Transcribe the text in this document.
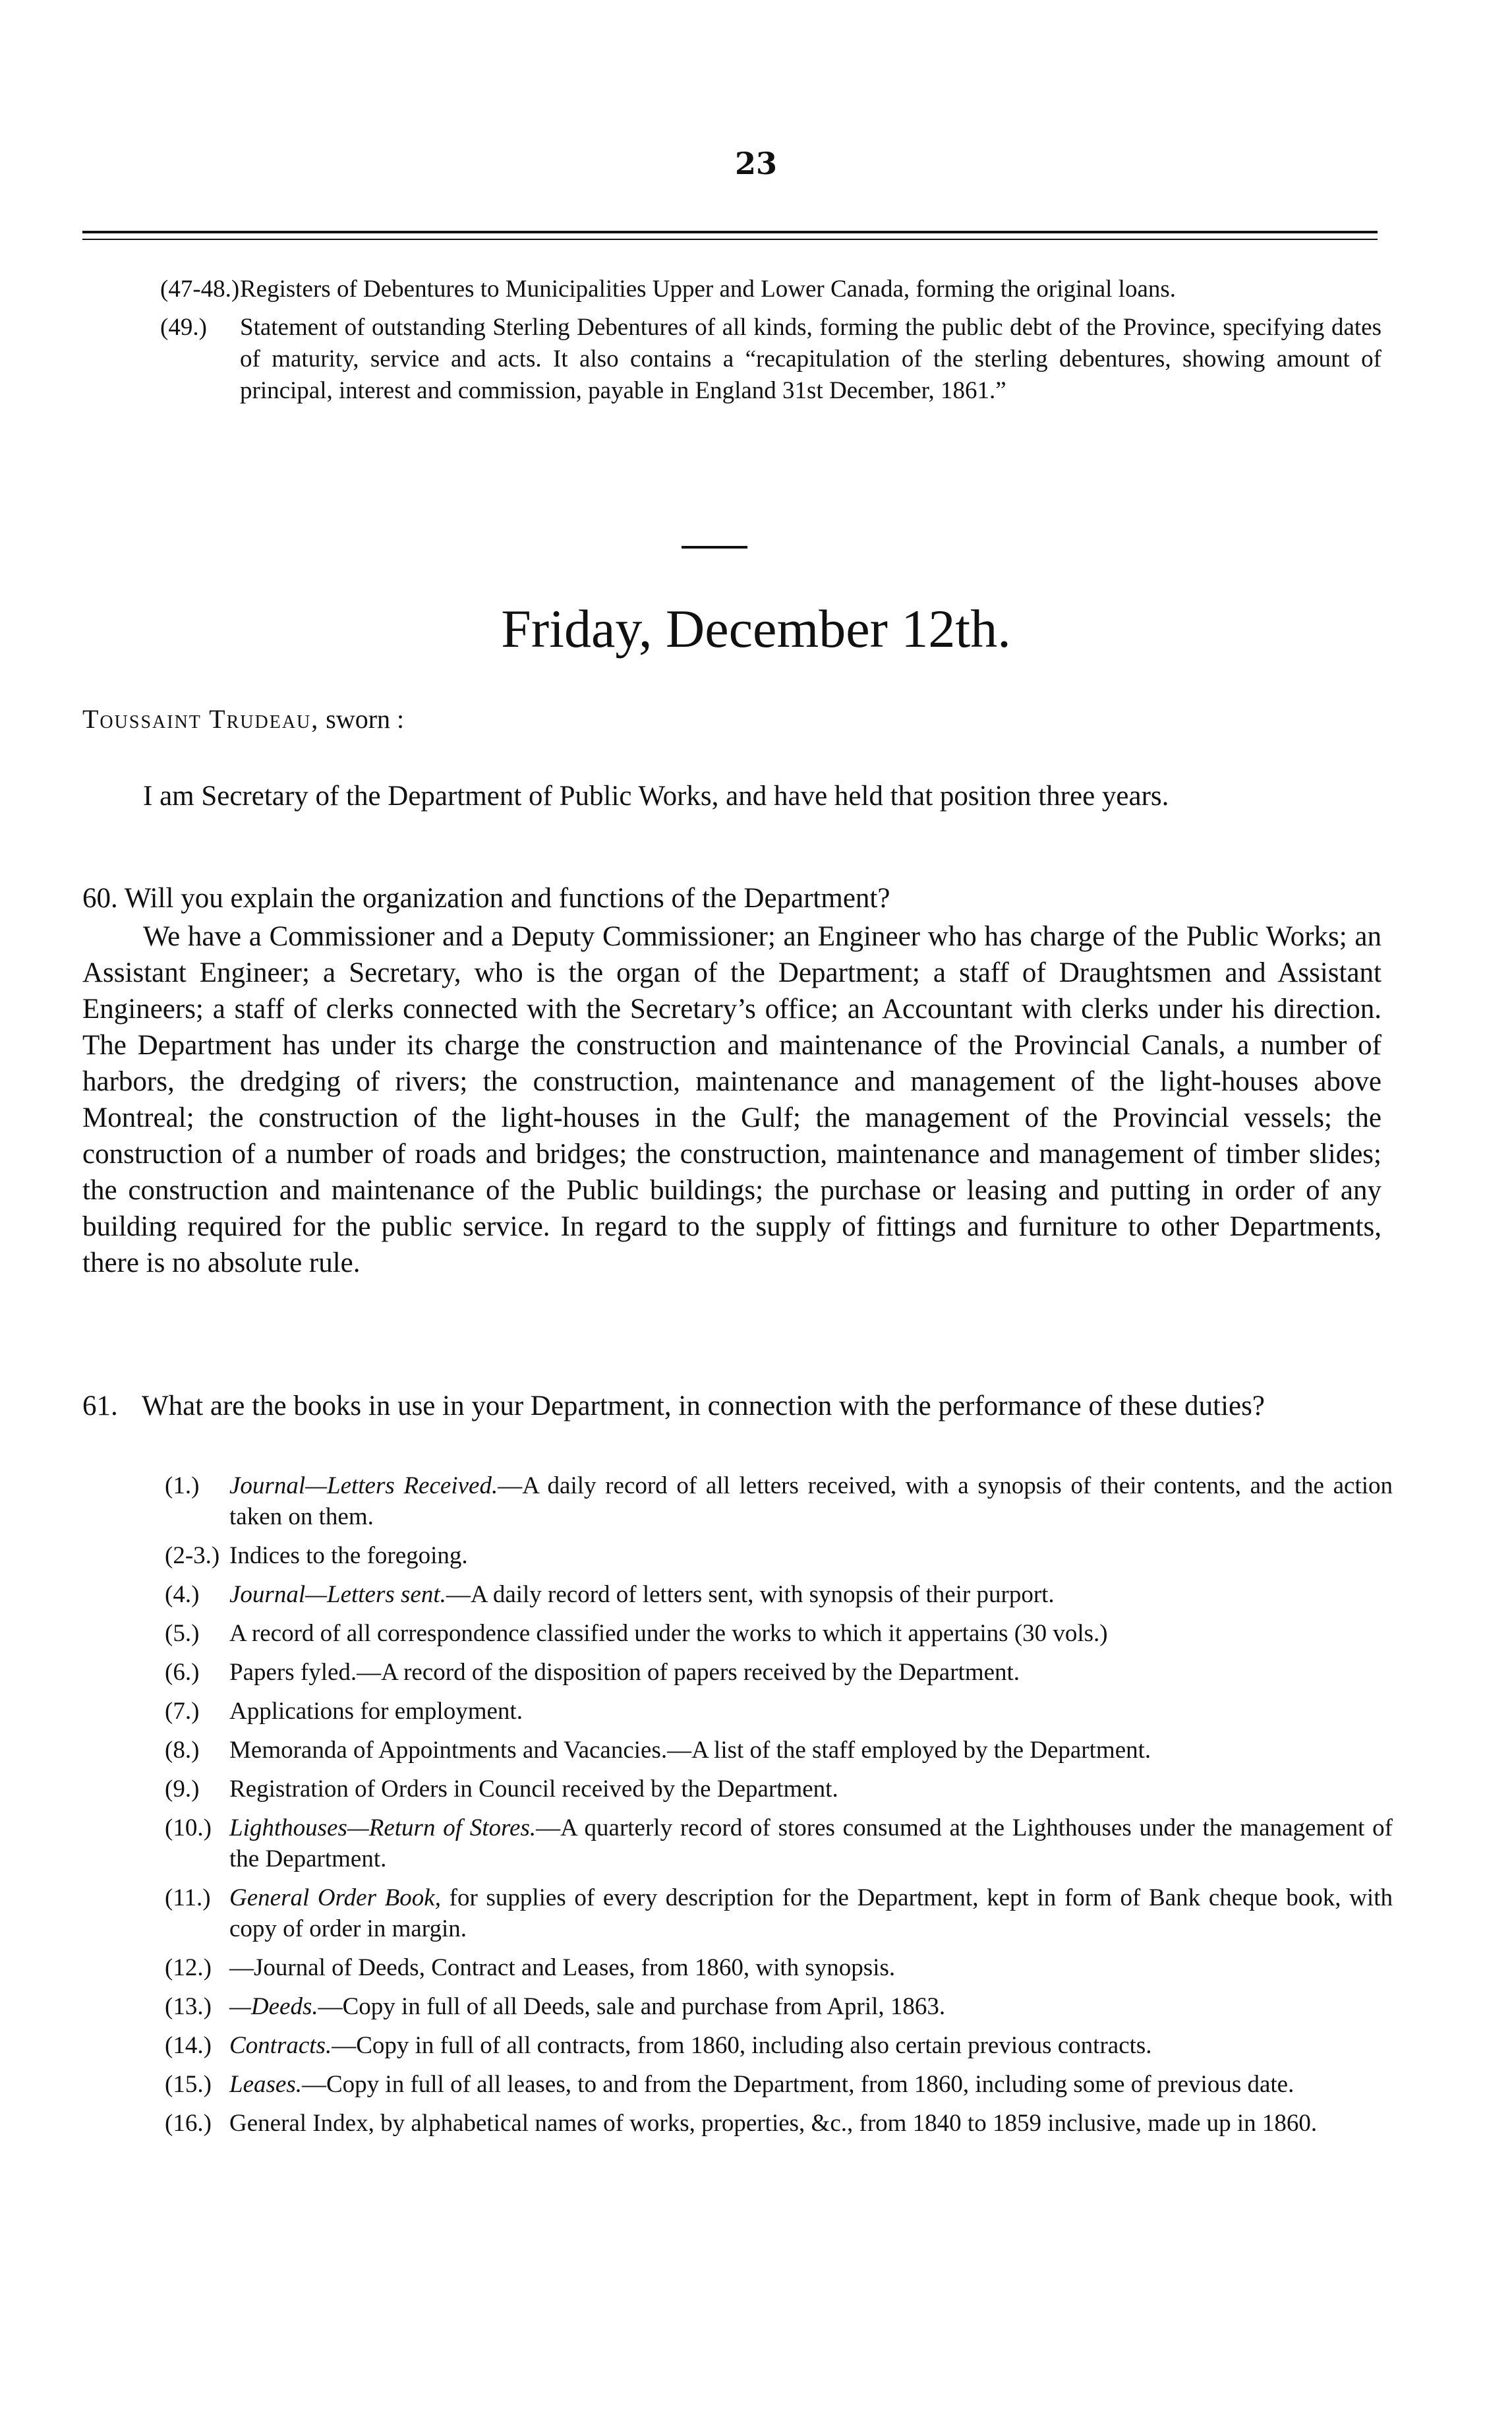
23
(47-48.) Registers of Debentures to Municipalities Upper and Lower Canada, forming the original loans.
(49.)	Statement of outstanding Sterling Debentures of all kinds, forming the public debt of the Province, specifying dates of maturity, service and acts. It also contains a “recapitulation of the sterling debentures, showing amount of principal, interest and commission, payable in England 31st December, 1861.”
Friday, December 12th.
Toussaint Trudeau, sworn :
I am Secretary of the Department of Public Works, and have held that position three years.
60. Will you explain the organization and functions of the Department?
We have a Commissioner and a Deputy Commissioner; an Engineer who has charge of the Public Works; an Assistant Engineer; a Secretary, who is the organ of the Department; a staff of Draughtsmen and Assistant Engineers; a staff of clerks connected with the Secretary’s office; an Accountant with clerks under his direction. The Department has under its charge the construction and maintenance of the Provincial Canals, a number of harbors, the dredging of rivers; the construction, maintenance and management of the light-houses above Montreal; the construction of the light-houses in the Gulf; the management of the Provincial vessels; the construction of a number of roads and bridges; the construction, maintenance and management of timber slides; the construction and maintenance of the Public buildings; the purchase or leasing and putting in order of any building required for the public service. In regard to the supply of fittings and furniture to other Departments, there is no absolute rule.
61. What are the books in use in your Department, in connection with the performance of these duties?
(1.)	Journal—Letters Received.—A daily record of all letters received, with a synopsis of their contents, and the action taken on them.
(2-3.) Indices to the foregoing.
(4.)	Journal—Letters sent.—A daily record of letters sent, with synopsis of their purport.
(5.)	A record of all correspondence classified under the works to which it appertains (30 vols.)
(6.)	Papers fyled.—A record of the disposition of papers received by the Department.
(7.)	Applications for employment.
(8.)	Memoranda of Appointments and Vacancies.—A list of the staff employed by the Department.
(9.)	Registration of Orders in Council received by the Department.
(10.) Lighthouses—Return of Stores.—A quarterly record of stores consumed at the Lighthouses under the management of the Department.
(11.) General Order Book, for supplies of every description for the Department, kept in form of Bank cheque book, with copy of order in margin.
(12.) —Journal of Deeds, Contract and Leases, from 1860, with synopsis.
(13.) —Deeds.—Copy in full of all Deeds, sale and purchase from April, 1863.
(14.) Contracts.—Copy in full of all contracts, from 1860, including also certain previous contracts.
(15.) Leases.—Copy in full of all leases, to and from the Department, from 1860, including some of previous date.
(16.) General Index, by alphabetical names of works, properties, &c., from 1840 to 1859 inclusive, made up in 1860.
